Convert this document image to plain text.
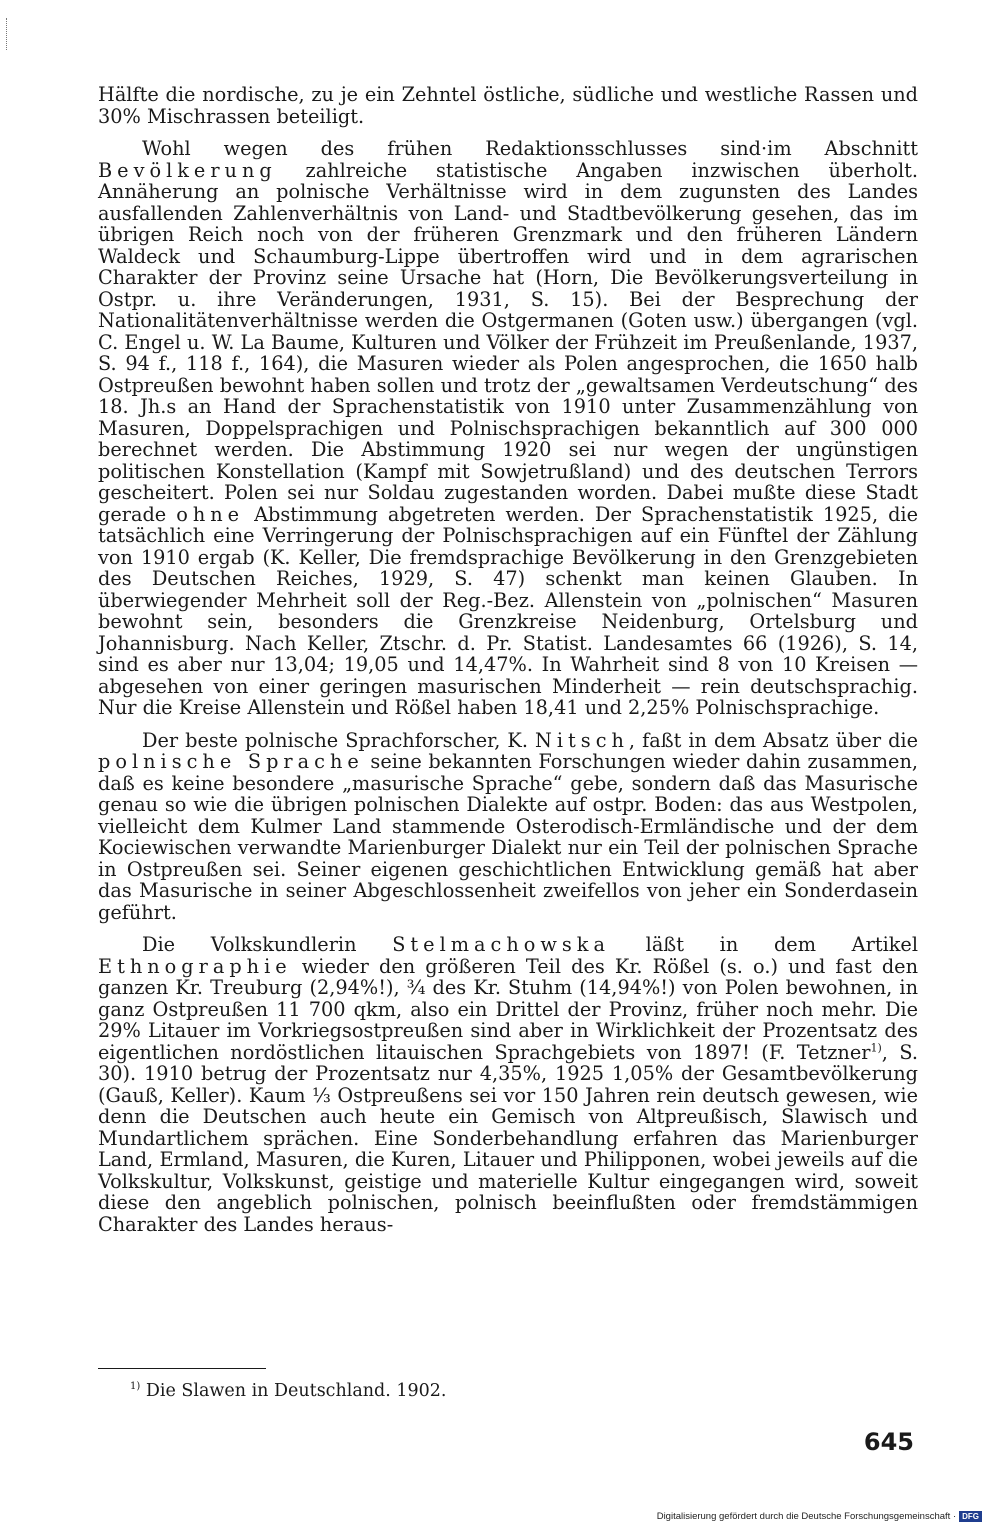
Hälfte die nordische, zu je ein Zehntel östliche, südliche und westliche Rassen und 30% Mischrassen beteiligt.

Wohl wegen des frühen Redaktionsschlusses sind·im Abschnitt Bevölkerung zahlreiche statistische Angaben inzwischen überholt. Annäherung an polnische Verhältnisse wird in dem zugunsten des Landes ausfallenden Zahlenverhältnis von Land- und Stadtbevölkerung gesehen, das im übrigen Reich noch von der früheren Grenzmark und den früheren Ländern Waldeck und Schaumburg-Lippe übertroffen wird und in dem agrarischen Charakter der Provinz seine Ursache hat (Horn, Die Bevölkerungsverteilung in Ostpr. u. ihre Veränderungen, 1931, S. 15). Bei der Besprechung der Nationalitätenverhältnisse werden die Ostgermanen (Goten usw.) übergangen (vgl. C. Engel u. W. La Baume, Kulturen und Völker der Frühzeit im Preußenlande, 1937, S. 94 f., 118 f., 164), die Masuren wieder als Polen angesprochen, die 1650 halb Ostpreußen bewohnt haben sollen und trotz der „gewaltsamen Verdeutschung“ des 18. Jh.s an Hand der Sprachenstatistik von 1910 unter Zusammenzählung von Masuren, Doppelsprachigen und Polnischsprachigen bekanntlich auf 300 000 berechnet werden. Die Abstimmung 1920 sei nur wegen der ungünstigen politischen Konstellation (Kampf mit Sowjetrußland) und des deutschen Terrors gescheitert. Polen sei nur Soldau zugestanden worden. Dabei mußte diese Stadt gerade ohne Abstimmung abgetreten werden. Der Sprachenstatistik 1925, die tatsächlich eine Verringerung der Polnischsprachigen auf ein Fünftel der Zählung von 1910 ergab (K. Keller, Die fremdsprachige Bevölkerung in den Grenzgebieten des Deutschen Reiches, 1929, S. 47) schenkt man keinen Glauben. In überwiegender Mehrheit soll der Reg.-Bez. Allenstein von „polnischen“ Masuren bewohnt sein, besonders die Grenzkreise Neidenburg, Ortelsburg und Johannisburg. Nach Keller, Ztschr. d. Pr. Statist. Landesamtes 66 (1926), S. 14, sind es aber nur 13,04; 19,05 und 14,47%. In Wahrheit sind 8 von 10 Kreisen — abgesehen von einer geringen masurischen Minderheit — rein deutschsprachig. Nur die Kreise Allenstein und Rößel haben 18,41 und 2,25% Polnischsprachige.

Der beste polnische Sprachforscher, K. Nitsch, faßt in dem Absatz über die polnische Sprache seine bekannten Forschungen wieder dahin zusammen, daß es keine besondere „masurische Sprache“ gebe, sondern daß das Masurische genau so wie die übrigen polnischen Dialekte auf ostpr. Boden: das aus Westpolen, vielleicht dem Kulmer Land stammende Osterodisch-Ermländische und der dem Kociewischen verwandte Marienburger Dialekt nur ein Teil der polnischen Sprache in Ostpreußen sei. Seiner eigenen geschichtlichen Entwicklung gemäß hat aber das Masurische in seiner Abgeschlossenheit zweifellos von jeher ein Sonderdasein geführt.

Die Volkskundlerin Stelmachowska läßt in dem Artikel Ethnographie wieder den größeren Teil des Kr. Rößel (s. o.) und fast den ganzen Kr. Treuburg (2,94%!), ¾ des Kr. Stuhm (14,94%!) von Polen bewohnen, in ganz Ostpreußen 11 700 qkm, also ein Drittel der Provinz, früher noch mehr. Die 29% Litauer im Vorkriegsostpreußen sind aber in Wirklichkeit der Prozentsatz des eigentlichen nordöstlichen litauischen Sprachgebiets von 1897! (F. Tetzner$^{1)}$, S. 30). 1910 betrug der Prozentsatz nur 4,35%, 1925 1,05% der Gesamtbevölkerung (Gauß, Keller). Kaum ⅓ Ostpreußens sei vor 150 Jahren rein deutsch gewesen, wie denn die Deutschen auch heute ein Gemisch von Altpreußisch, Slawisch und Mundartlichem sprächen. Eine Sonderbehandlung erfahren das Marienburger Land, Ermland, Masuren, die Kuren, Litauer und Philipponen, wobei jeweils auf die Volkskultur, Volkskunst, geistige und materielle Kultur eingegangen wird, soweit diese den angeblich polnischen, polnisch beeinflußten oder fremdstämmigen Charakter des Landes heraus-

$^{1)}$ Die Slawen in Deutschland. 1902.
645
Digitalisierung gefördert durch die Deutsche Forschungsgemeinschaft · DFG
